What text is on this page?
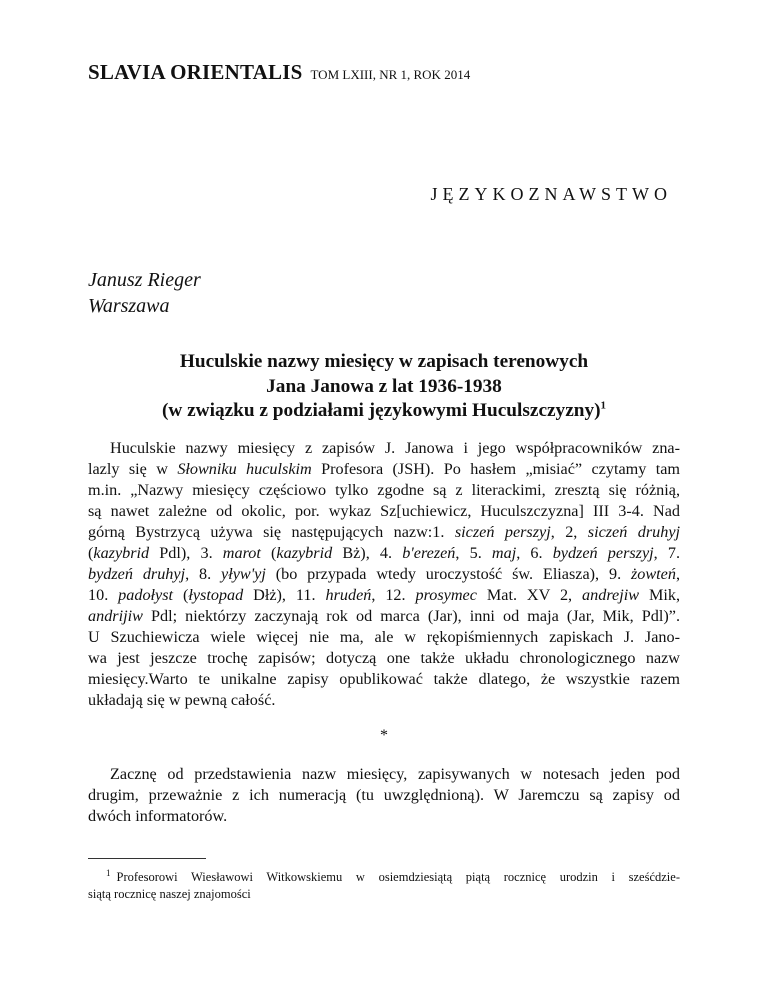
SLAVIA ORIENTALIS TOM LXIII, NR 1, ROK 2014
JĘZYKOZNAWSTWO
Janusz Rieger
Warszawa
Huculskie nazwy miesięcy w zapisach terenowych
Jana Janowa z lat 1936-1938
(w związku z podziałami językowymi Huculszczyzny)$^1$
Huculskie nazwy miesięcy z zapisów J. Janowa i jego współpracowników zna-
lazly się w Słowniku huculskim Profesora (JSH). Po hasłem „misiać” czytamy tam
m.in. „Nazwy miesięcy częściowo tylko zgodne są z literackimi, zresztą się różnią,
są nawet zależne od okolic, por. wykaz Sz[uchiewicz, Huculszczyzna] III 3-4. Nad
górną Bystrzycą używa się następujących nazw:1. siczeń perszyj, 2, siczeń druhyj
(kazybrid Pdl), 3. marot (kazybrid Bż), 4. b'erezeń, 5. maj, 6. bydzeń perszyj, 7.
bydzeń druhyj, 8. yływ'yj (bo przypada wtedy uroczystość św. Eliasza), 9. żowteń,
10. padołyst (łystopad Dłż), 11. hrudeń, 12. prosymec Mat. XV 2, andrejiw Mik,
andrijiw Pdl; niektórzy zaczynają rok od marca (Jar), inni od maja (Jar, Mik, Pdl)”.
U Szuchiewicza wiele więcej nie ma, ale w rękopiśmiennych zapiskach J. Jano-
wa jest jeszcze trochę zapisów; dotyczą one także układu chronologicznego nazw
miesięcy.Warto te unikalne zapisy opublikować także dlatego, że wszystkie razem
układają się w pewną całość.
*
Zacznę od przedstawienia nazw miesięcy, zapisywanych w notesach jeden pod
drugim, przeważnie z ich numeracją (tu uwzględnioną). W Jaremczu są zapisy od
dwóch informatorów.
$^1$ Profesorowi Wiesławowi Witkowskiemu w osiemdziesiątą piątą rocznicę urodzin i sześćdzie-
siątą rocznicę naszej znajomości
